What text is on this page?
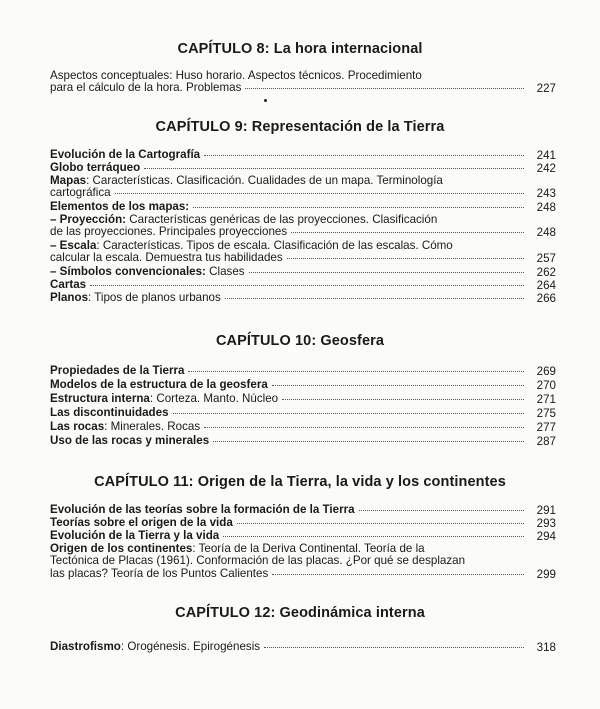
CAPÍTULO 8: La hora internacional
Aspectos conceptuales: Huso horario. Aspectos técnicos. Procedimiento
para el cálculo de la hora. Problemas	227
CAPÍTULO 9: Representación de la Tierra
Evolución de la Cartografía	241
Globo terráqueo	242
Mapas: Características. Clasificación. Cualidades de un mapa. Terminología
cartográfica	243
Elementos de los mapas:	248
– Proyección: Características genéricas de las proyecciones. Clasificación
de las proyecciones. Principales proyecciones	248
– Escala: Características. Tipos de escala. Clasificación de las escalas. Cómo
calcular la escala. Demuestra tus habilidades	257
– Símbolos convencionales: Clases	262
Cartas	264
Planos: Tipos de planos urbanos	266
CAPÍTULO 10: Geosfera
Propiedades de la Tierra	269
Modelos de la estructura de la geosfera	270
Estructura interna: Corteza. Manto. Núcleo	271
Las discontinuidades	275
Las rocas: Minerales. Rocas	277
Uso de las rocas y minerales	287
CAPÍTULO 11: Origen de la Tierra, la vida y los continentes
Evolución de las teorías sobre la formación de la Tierra	291
Teorías sobre el origen de la vida	293
Evolución de la Tierra y la vida	294
Origen de los continentes: Teoría de la Deriva Continental. Teoría de la
Tectónica de Placas (1961). Conformación de las placas. ¿Por qué se desplazan
las placas? Teoría de los Puntos Calientes	299
CAPÍTULO 12: Geodinámica interna
Diastrofismo: Orogénesis. Epirogénesis	318
